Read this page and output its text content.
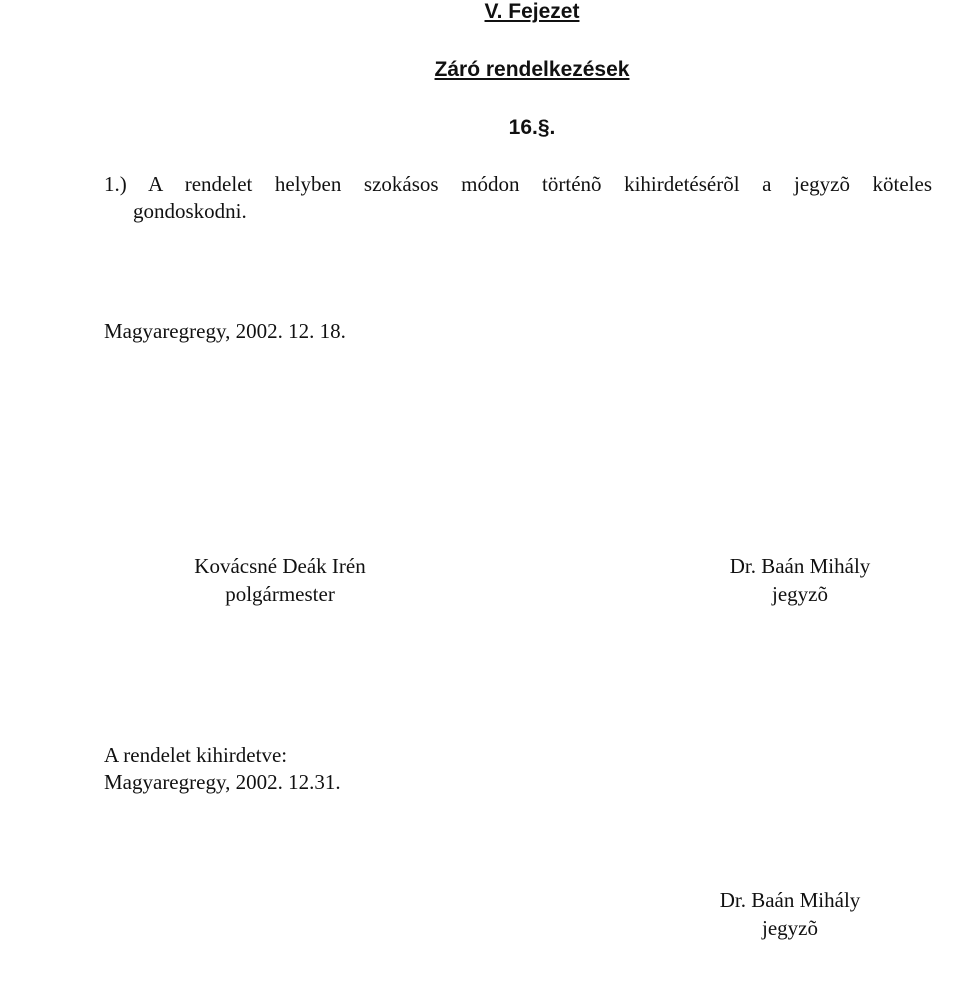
V. Fejezet
Záró rendelkezések
16.§.
1.) A rendelet helyben szokásos módon történõ kihirdetésérõl a jegyzõ köteles
gondoskodni.
Magyaregregy, 2002. 12. 18.
Kovácsné Deák Irén
polgármester
Dr. Baán Mihály
jegyzõ
A rendelet kihirdetve:
Magyaregregy, 2002. 12.31.
Dr. Baán Mihály
jegyzõ
